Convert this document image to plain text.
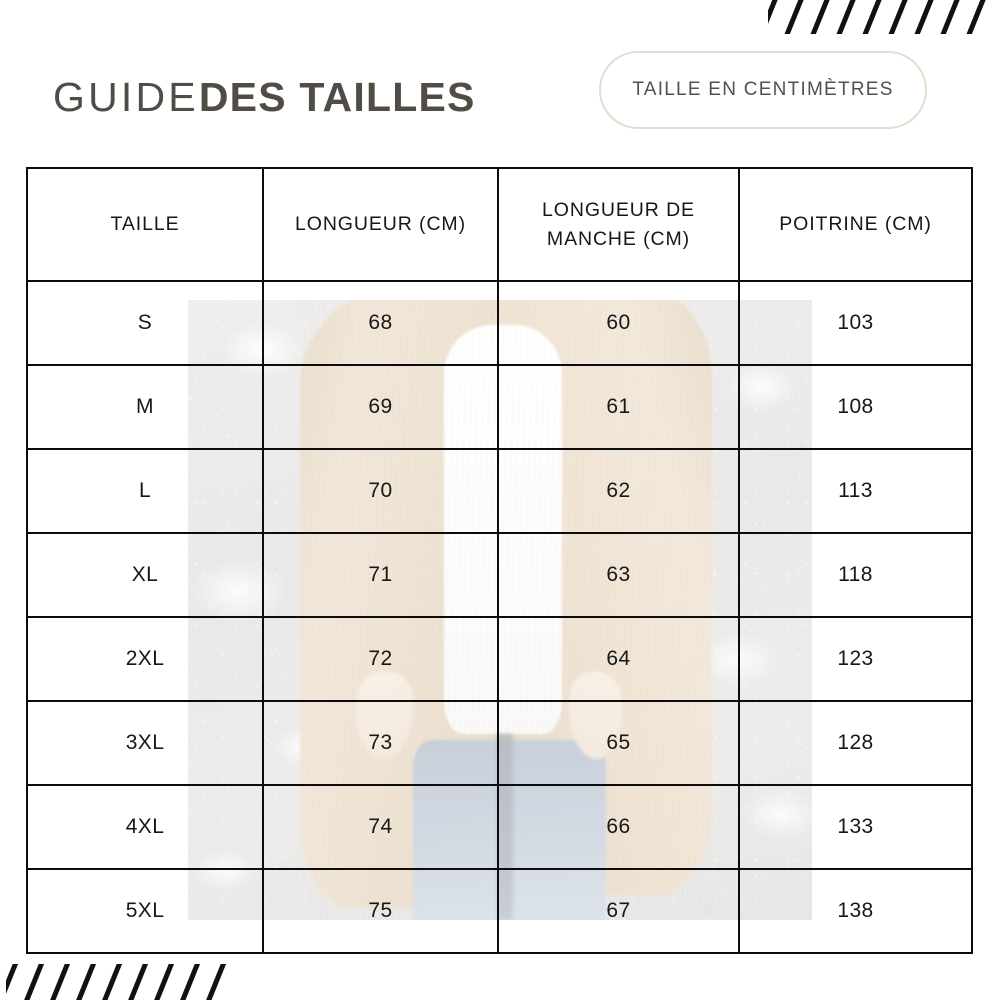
GUIDEDES TAILLES	TAILLE EN CENTIMÈTRES
TAILLE	LONGUEUR (CM)	LONGUEUR DE MANCHE (CM)	POITRINE (CM)
S	68	60	103
M	69	61	108
L	70	62	113
XL	71	63	118
2XL	72	64	123
3XL	73	65	128
4XL	74	66	133
5XL	75	67	138
